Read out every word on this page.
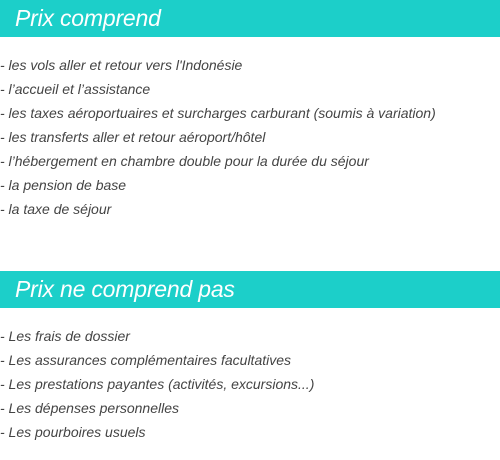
Prix comprend
- les vols aller et retour vers l'Indonésie
- l’accueil et l’assistance
- les taxes aéroportuaires et surcharges carburant (soumis à variation)
- les transferts aller et retour aéroport/hôtel
- l’hébergement en chambre double pour la durée du séjour
- la pension de base
- la taxe de séjour
Prix ne comprend pas
- Les frais de dossier
- Les assurances complémentaires facultatives
- Les prestations payantes (activités, excursions...)
- Les dépenses personnelles
- Les pourboires usuels
